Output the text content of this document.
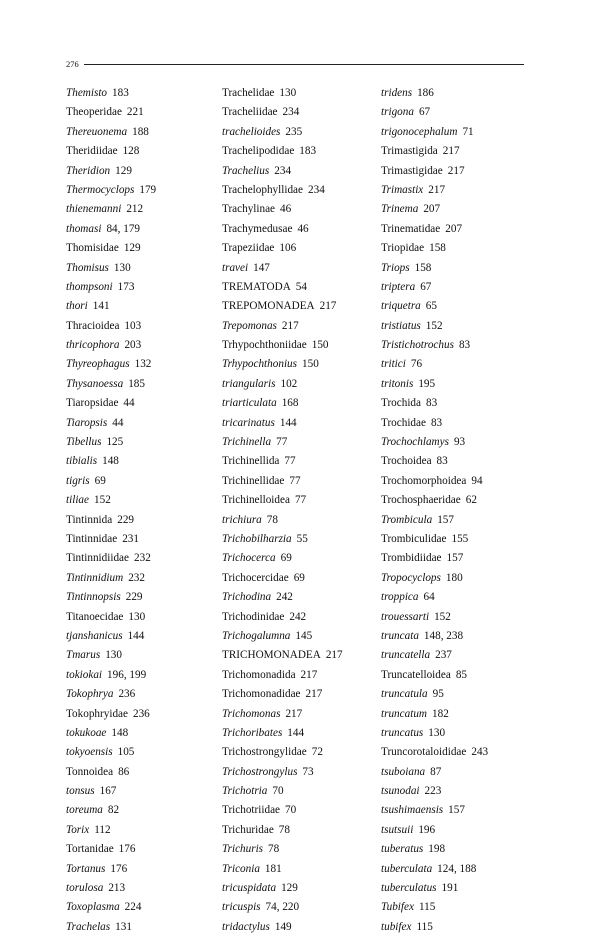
276
Themisto 183
Theoperidae 221
Thereuonema 188
Theridiidae 128
Theridion 129
Thermocyclops 179
thienemanni 212
thomasi 84, 179
Thomisidae 129
Thomisus 130
thompsoni 173
thori 141
Thracioidea 103
thricophora 203
Thyreophagus 132
Thysanoessa 185
Tiaropsidae 44
Tiaropsis 44
Tibellus 125
tibialis 148
tigris 69
tiliae 152
Tintinnida 229
Tintinnidae 231
Tintinnidiidae 232
Tintinnidium 232
Tintinnopsis 229
Titanoecidae 130
tjanshanicus 144
Tmarus 130
tokiokai 196, 199
Tokophrya 236
Tokophryidae 236
tokukoae 148
tokyoensis 105
Tonnoidea 86
tonsus 167
toreuma 82
Torix 112
Tortanidae 176
Tortanus 176
torulosa 213
Toxoplasma 224
Trachelas 131
Trachelidae 130
Tracheliidae 234
trachelioides 235
Trachelipodidae 183
Trachelius 234
Trachelophyllidae 234
Trachylinae 46
Trachymedusae 46
Trapeziidae 106
travei 147
TREMATODA 54
TREPOMONADEA 217
Trepomonas 217
Trhypochthoniidae 150
Trhypochthonius 150
triangularis 102
triarticulata 168
tricarinatus 144
Trichinella 77
Trichinellida 77
Trichinellidae 77
Trichinelloidea 77
trichiura 78
Trichobilharzia 55
Trichocerca 69
Trichocercidae 69
Trichodina 242
Trichodinidae 242
Trichogalumna 145
TRICHOMONADEA 217
Trichomonadida 217
Trichomonadidae 217
Trichomonas 217
Trichoribates 144
Trichostrongylidae 72
Trichostrongylus 73
Trichotria 70
Trichotriidae 70
Trichuridae 78
Trichuris 78
Triconia 181
tricuspidata 129
tricuspis 74, 220
tridactylus 149
tridens 186
trigona 67
trigonocephalum 71
Trimastigida 217
Trimastigidae 217
Trimastix 217
Trinema 207
Trinematidae 207
Triopidae 158
Triops 158
triptera 67
triquetra 65
tristiatus 152
Tristichotrochus 83
tritici 76
tritonis 195
Trochida 83
Trochidae 83
Trochochlamys 93
Trochoidea 83
Trochomorphoidea 94
Trochosphaeridae 62
Trombicula 157
Trombiculidae 155
Trombidiidae 157
Tropocyclops 180
troppica 64
trouessarti 152
truncata 148, 238
truncatella 237
Truncatelloidea 85
truncatula 95
truncatum 182
truncatus 130
Truncorotaloididae 243
tsuboiana 87
tsunodai 223
tsushimaensis 157
tsutsuii 196
tuberatus 198
tuberculata 124, 188
tuberculatus 191
Tubifex 115
tubifex 115
